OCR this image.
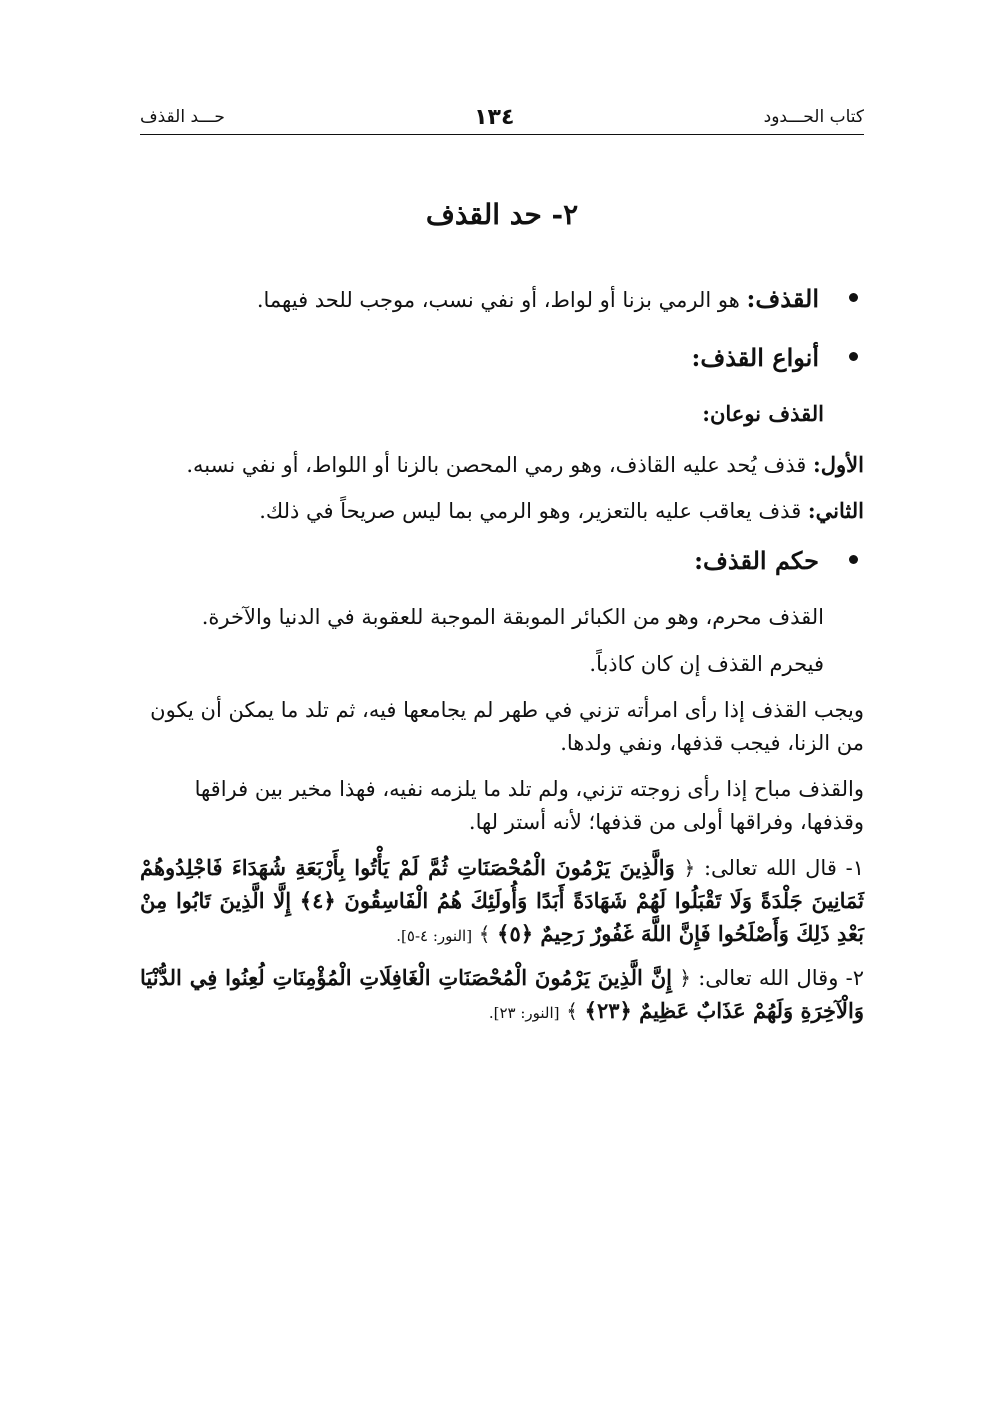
كتاب الحـــدود
١٣٤
حـــد القذف
٢- حد القذف
القذف: هو الرمي بزنا أو لواط، أو نفي نسب، موجب للحد فيهما.
أنواع القذف:
القذف نوعان:

الأول: قذف يُحد عليه القاذف، وهو رمي المحصن بالزنا أو اللواط، أو نفي نسبه.

الثاني: قذف يعاقب عليه بالتعزير، وهو الرمي بما ليس صريحاً في ذلك.

حكم القذف:

القذف محرم، وهو من الكبائر الموبقة الموجبة للعقوبة في الدنيا والآخرة.

فيحرم القذف إن كان كاذباً.

ويجب القذف إذا رأى امرأته تزني في طهر لم يجامعها فيه، ثم تلد ما يمكن أن يكون من الزنا، فيجب قذفها، ونفي ولدها.

والقذف مباح إذا رأى زوجته تزني، ولم تلد ما يلزمه نفيه، فهذا مخير بين فراقها وقذفها، وفراقها أولى من قذفها؛ لأنه أستر لها.

١- قال الله تعالى: ﴿ وَالَّذِينَ يَرْمُونَ الْمُحْصَنَاتِ ثُمَّ لَمْ يَأْتُوا بِأَرْبَعَةِ شُهَدَاءَ فَاجْلِدُوهُمْ ثَمَانِينَ جَلْدَةً وَلَا تَقْبَلُوا لَهُمْ شَهَادَةً أَبَدًا وَأُولَئِكَ هُمُ الْفَاسِقُونَ ﴿٤﴾ إِلَّا الَّذِينَ تَابُوا مِنْ بَعْدِ ذَلِكَ وَأَصْلَحُوا فَإِنَّ اللَّهَ غَفُورٌ رَحِيمٌ ﴿٥﴾ ﴾ [النور: ٤-٥].

٢- وقال الله تعالى: ﴿ إِنَّ الَّذِينَ يَرْمُونَ الْمُحْصَنَاتِ الْغَافِلَاتِ الْمُؤْمِنَاتِ لُعِنُوا فِي الدُّنْيَا وَالْآخِرَةِ وَلَهُمْ عَذَابٌ عَظِيمٌ ﴿٢٣﴾ ﴾ [النور: ٢٣].
